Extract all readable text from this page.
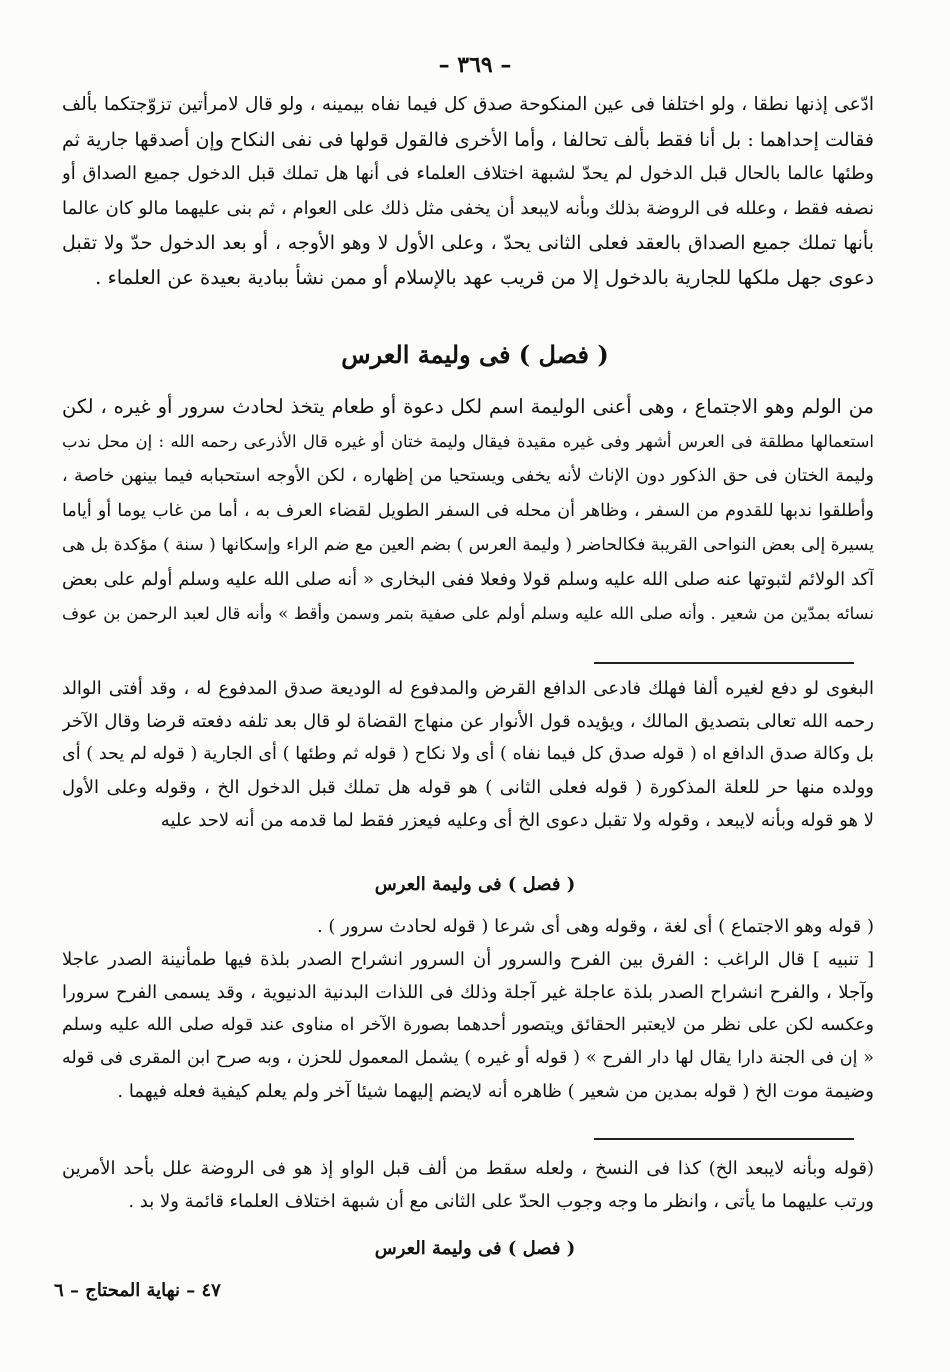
– ٣٦٩ –
ادّعى إذنها نطقا ، ولو اختلفا فى عين المنكوحة صدق كل فيما نفاه بيمينه ، ولو قال لامرأتين تزوّجتكما بألف
فقالت إحداهما : بل أنا فقط بألف تحالفا ، وأما الأخرى فالقول قولها فى نفى النكاح وإن أصدقها جارية ثم
وطئها عالما بالحال قبل الدخول لم يحدّ لشبهة اختلاف العلماء فى أنها هل تملك قبل الدخول جميع الصداق أو
نصفه فقط ، وعلله فى الروضة بذلك وبأنه لايبعد أن يخفى مثل ذلك على العوام ، ثم بنى عليهما مالو كان عالما
بأنها تملك جميع الصداق بالعقد فعلى الثانى يحدّ ، وعلى الأول لا وهو الأوجه ، أو بعد الدخول حدّ ولا تقبل
دعوى جهل ملكها للجارية بالدخول إلا من قريب عهد بالإسلام أو ممن نشأ ببادية بعيدة عن العلماء .
( فصل ) فى وليمة العرس
من الولم وهو الاجتماع ، وهى أعنى الوليمة اسم لكل دعوة أو طعام يتخذ لحادث سرور أو غيره ، لكن
استعمالها مطلقة فى العرس أشهر وفى غيره مقيدة فيقال وليمة ختان أو غيره قال الأذرعى رحمه الله : إن محل ندب
وليمة الختان فى حق الذكور دون الإناث لأنه يخفى ويستحيا من إظهاره ، لكن الأوجه استحبابه فيما بينهن خاصة ،
وأطلقوا ندبها للقدوم من السفر ، وظاهر أن محله فى السفر الطويل لقضاء العرف به ، أما من غاب يوما أو أياما
يسيرة إلى بعض النواحى القريبة فكالحاضر ( وليمة العرس ) بضم العين مع ضم الراء وإسكانها ( سنة ) مؤكدة بل هى
آكد الولائم لثبوتها عنه صلى الله عليه وسلم قولا وفعلا ففى البخارى « أنه صلى الله عليه وسلم أولم على بعض
نسائه بمدّين من شعير . وأنه صلى الله عليه وسلم أولم على صفية بتمر وسمن وأقط » وأنه قال لعبد الرحمن بن عوف
البغوى لو دفع لغيره ألفا فهلك فادعى الدافع القرض والمدفوع له الوديعة صدق المدفوع له ، وقد أفتى الوالد
رحمه الله تعالى بتصديق المالك ، ويؤيده قول الأنوار عن منهاج القضاة لو قال بعد تلفه دفعته قرضا وقال الآخر
بل وكالة صدق الدافع اه ( قوله صدق كل فيما نفاه ) أى ولا نكاح ( قوله ثم وطئها ) أى الجارية ( قوله لم يحد ) أى
وولده منها حر للعلة المذكورة ( قوله فعلى الثانى ) هو قوله هل تملك قبل الدخول الخ ، وقوله وعلى الأول
لا هو قوله وبأنه لايبعد ، وقوله ولا تقبل دعوى الخ أى وعليه فيعزر فقط لما قدمه من أنه لاحد عليه
( فصل ) فى وليمة العرس
( قوله وهو الاجتماع ) أى لغة ، وقوله وهى أى شرعا ( قوله لحادث سرور ) .
[ تنبيه ] قال الراغب : الفرق بين الفرح والسرور أن السرور انشراح الصدر بلذة فيها طمأنينة الصدر عاجلا
وآجلا ، والفرح انشراح الصدر بلذة عاجلة غير آجلة وذلك فى اللذات البدنية الدنيوية ، وقد يسمى الفرح سرورا
وعكسه لكن على نظر من لايعتبر الحقائق ويتصور أحدهما بصورة الآخر اه مناوى عند قوله صلى الله عليه وسلم
« إن فى الجنة دارا يقال لها دار الفرح » ( قوله أو غيره ) يشمل المعمول للحزن ، وبه صرح ابن المقرى فى قوله
وضيمة موت الخ ( قوله بمدين من شعير ) ظاهره أنه لايضم إليهما شيئا آخر ولم يعلم كيفية فعله فيهما .
(قوله وبأنه لايبعد الخ) كذا فى النسخ ، ولعله سقط من ألف قبل الواو إذ هو فى الروضة علل بأحد الأمرين
ورتب عليهما ما يأتى ، وانظر ما وجه وجوب الحدّ على الثانى مع أن شبهة اختلاف العلماء قائمة ولا بد .
( فصل ) فى وليمة العرس
٤٧ – نهاية المحتاج – ٦
